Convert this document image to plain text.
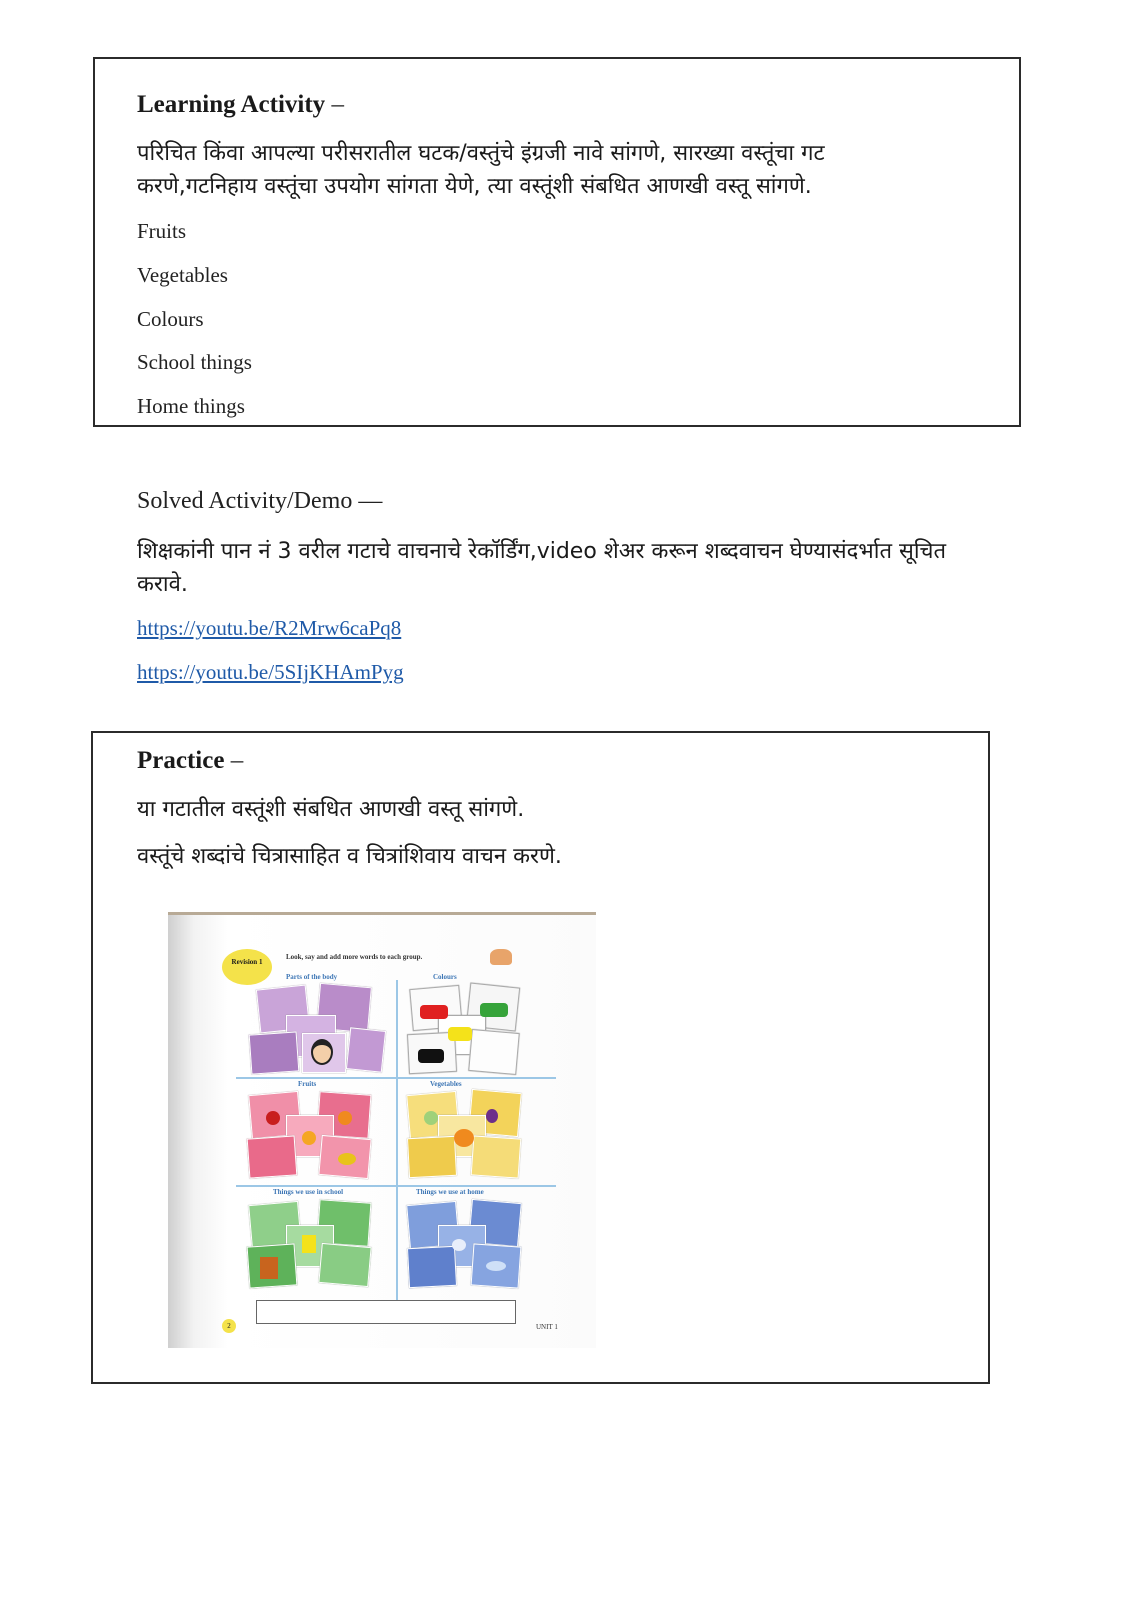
Learning Activity –
परिचित किंवा आपल्या परीसरातील घटक/वस्तुंचे इंग्रजी नावे सांगणे, सारख्या वस्तूंचा गट
करणे,गटनिहाय वस्तूंचा उपयोग सांगता येणे, त्या वस्तूंशी संबधित आणखी वस्तू सांगणे.
Fruits
Vegetables
Colours
School things
Home things
Solved Activity/Demo —
शिक्षकांनी पान नं 3 वरील गटाचे वाचनाचे रेकॉर्डिंग,video शेअर करून शब्दवाचन घेण्यासंदर्भात सूचित
करावे.
https://youtu.be/R2Mrw6caPq8
https://youtu.be/5SIjKHAmPyg
Practice –
या गटातील वस्तूंशी संबधित आणखी वस्तू सांगणे.
वस्तूंचे शब्दांचे चित्रासाहित व चित्रांशिवाय वाचन करणे.
Revision 1
Look, say and add more words to each group.
Parts of the body	Colours
Fruits	Vegetables
Things we use in school	Things we use at home
2	UNIT 1
